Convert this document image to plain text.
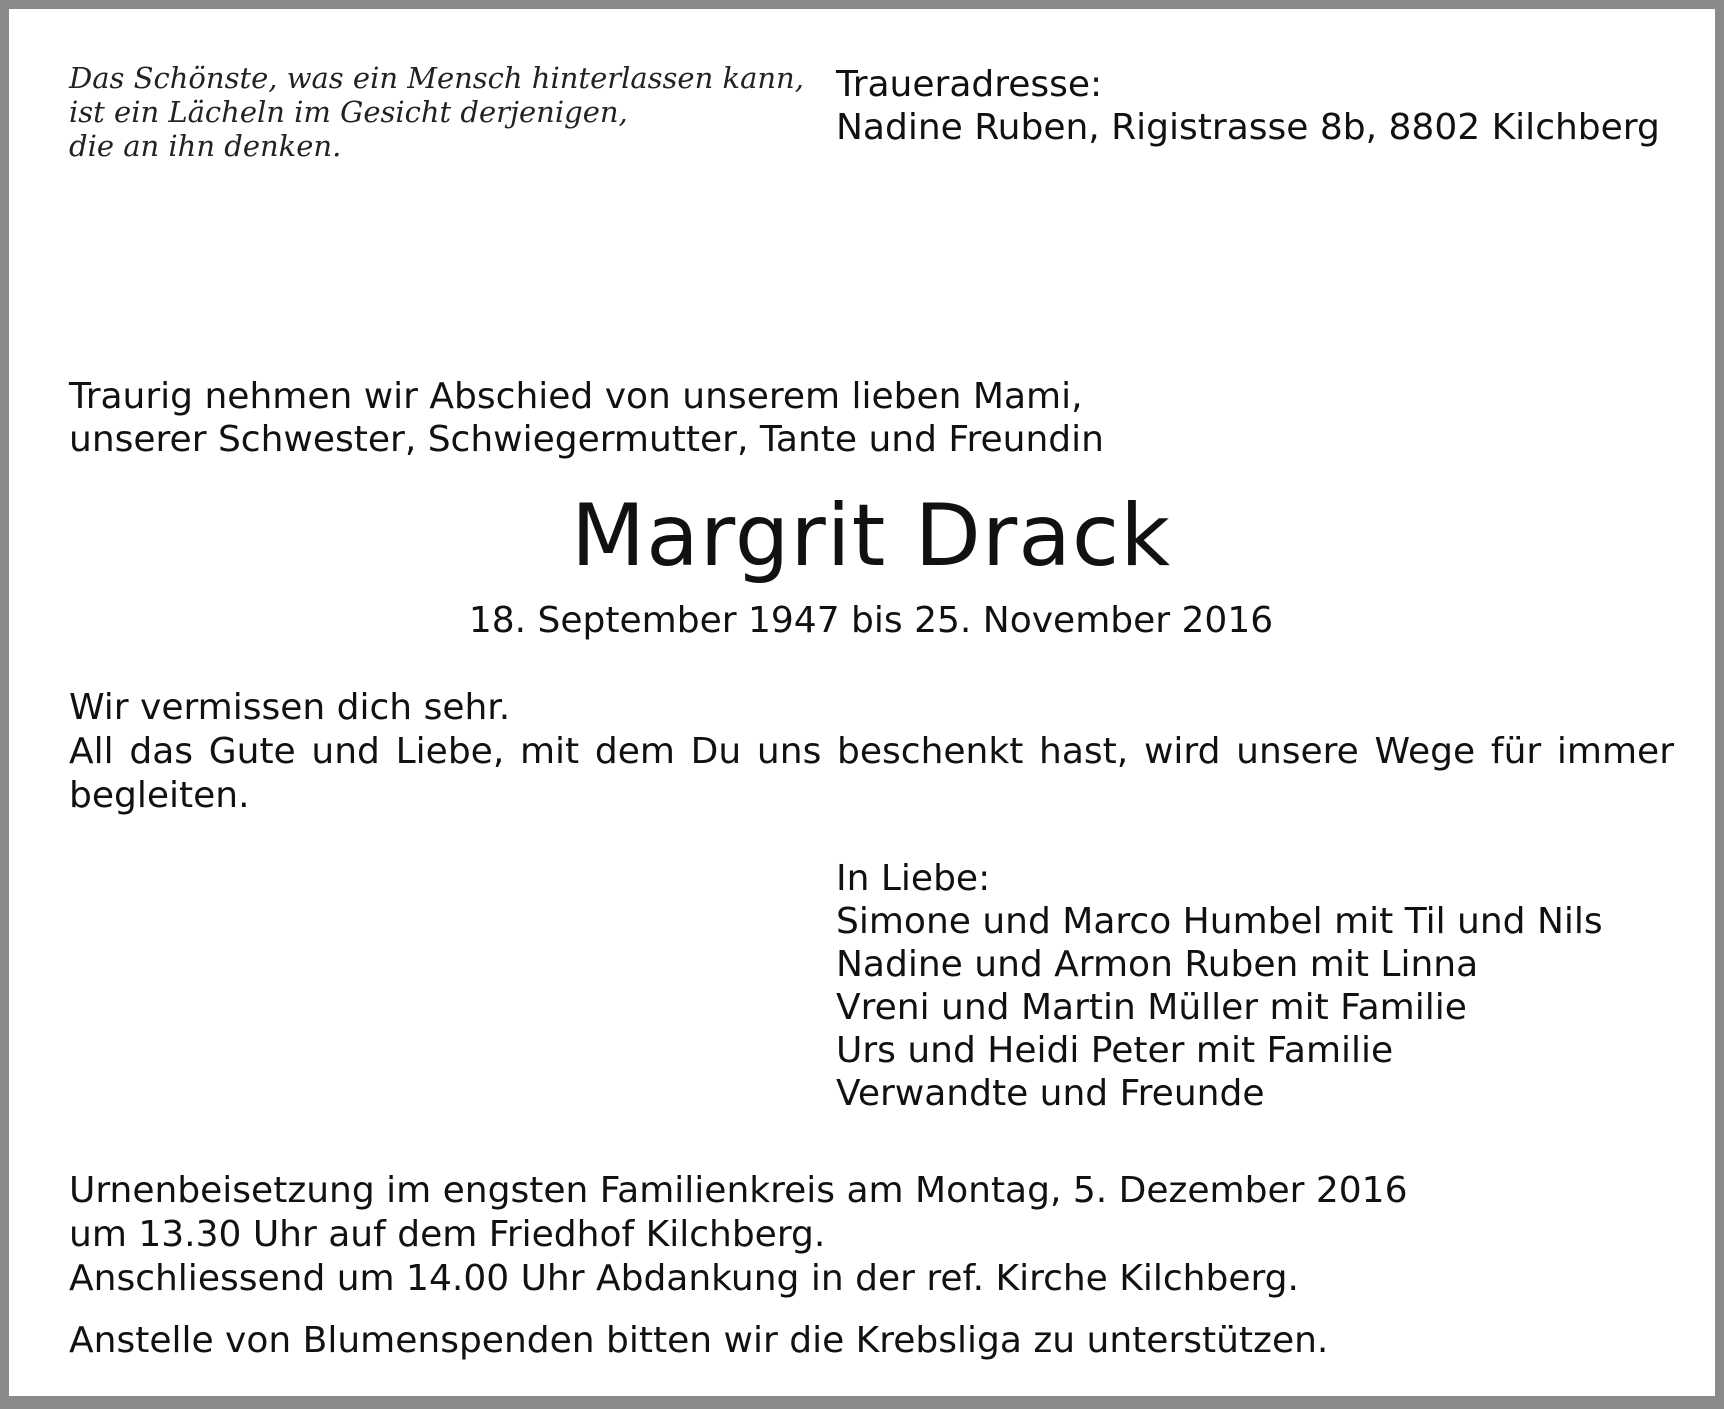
Das Schönste, was ein Mensch hinterlassen kann,
ist ein Lächeln im Gesicht derjenigen,
die an ihn denken.
Traueradresse:
Nadine Ruben, Rigistrasse 8b, 8802 Kilchberg
Traurig nehmen wir Abschied von unserem lieben Mami,
unserer Schwester, Schwiegermutter, Tante und Freundin
Margrit Drack
18. September 1947 bis 25. November 2016
Wir vermissen dich sehr.
All das Gute und Liebe, mit dem Du uns beschenkt hast, wird unsere Wege für immer
begleiten.
In Liebe:
Simone und Marco Humbel mit Til und Nils
Nadine und Armon Ruben mit Linna
Vreni und Martin Müller mit Familie
Urs und Heidi Peter mit Familie
Verwandte und Freunde
Urnenbeisetzung im engsten Familienkreis am Montag, 5. Dezember 2016
um 13.30 Uhr auf dem Friedhof Kilchberg.
Anschliessend um 14.00 Uhr Abdankung in der ref. Kirche Kilchberg.
Anstelle von Blumenspenden bitten wir die Krebsliga zu unterstützen.
